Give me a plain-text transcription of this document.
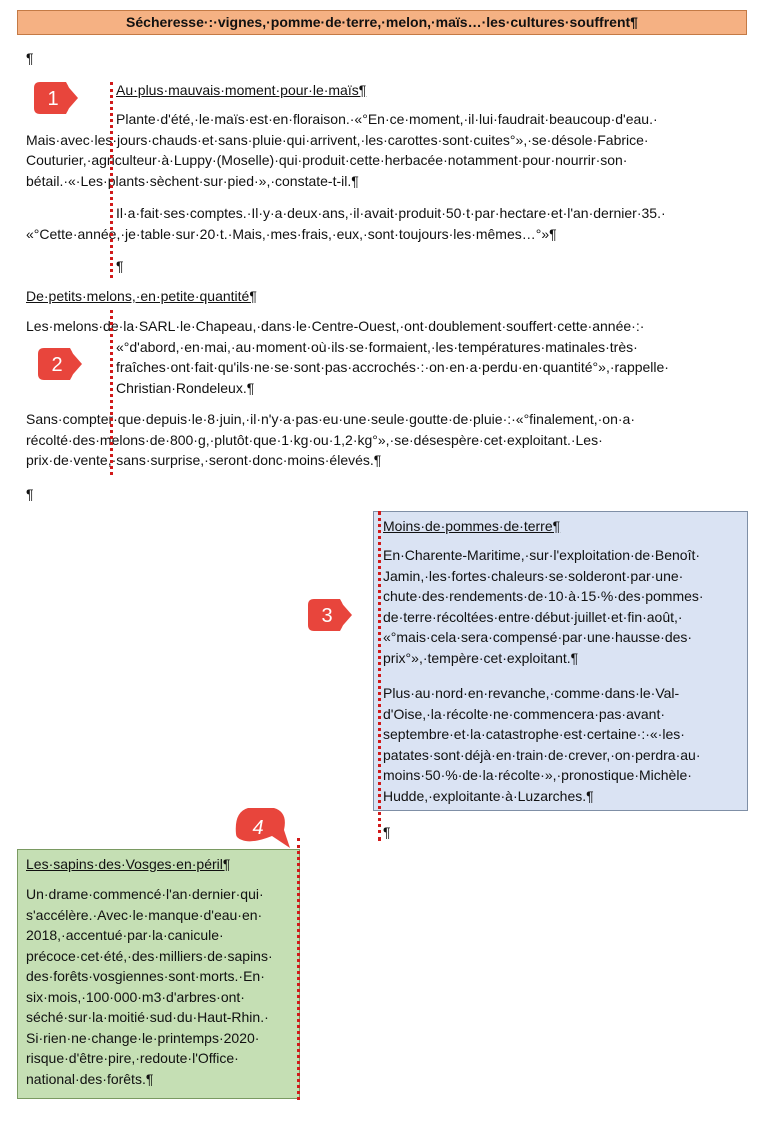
Sécheresse·:·vignes,·pomme·de·terre,·melon,·maïs…·les·cultures·souffrent¶
¶
Au·plus·mauvais·moment·pour·le·maïs¶
Plante·d'été,·le·maïs·est·en·floraison.·«°En·ce·moment,·il·lui·faudrait·beaucoup·d'eau.·
Mais·avec·les·jours·chauds·et·sans·pluie·qui·arrivent,·les·carottes·sont·cuites°»,·se·désole·Fabrice·
Couturier,·agriculteur·à·Luppy·(Moselle)·qui·produit·cette·herbacée·notamment·pour·nourrir·son·
bétail.·«·Les·plants·sèchent·sur·pied·»,·constate-t-il.¶
Il·a·fait·ses·comptes.·Il·y·a·deux·ans,·il·avait·produit·50·t·par·hectare·et·l'an·dernier·35.·
«°Cette·année,·je·table·sur·20·t.·Mais,·mes·frais,·eux,·sont·toujours·les·mêmes…°»¶
¶
De·petits·melons,·en·petite·quantité¶
Les·melons·de·la·SARL·le·Chapeau,·dans·le·Centre-Ouest,·ont·doublement·souffert·cette·année·:·
«°d'abord,·en·mai,·au·moment·où·ils·se·formaient,·les·températures·matinales·très·
fraîches·ont·fait·qu'ils·ne·se·sont·pas·accrochés·:·on·en·a·perdu·en·quantité°»,·rappelle·
Christian·Rondeleux.¶
Sans·compter·que·depuis·le·8·juin,·il·n'y·a·pas·eu·une·seule·goutte·de·pluie·:·«°finalement,·on·a·
récolté·des·melons·de·800·g,·plutôt·que·1·kg·ou·1,2·kg°»,·se·désespère·cet·exploitant.·Les·
prix·de·vente,·sans·surprise,·seront·donc·moins·élevés.¶
¶
Moins·de·pommes·de·terre¶
En·Charente-Maritime,·sur·l'exploitation·de·Benoît·
Jamin,·les·fortes·chaleurs·se·solderont·par·une·
chute·des·rendements·de·10·à·15·%·des·pommes·
de·terre·récoltées·entre·début·juillet·et·fin·août,·
«°mais·cela·sera·compensé·par·une·hausse·des·
prix°»,·tempère·cet·exploitant.¶
Plus·au·nord·en·revanche,·comme·dans·le·Val-
d'Oise,·la·récolte·ne·commencera·pas·avant·
septembre·et·la·catastrophe·est·certaine·:·«·les·
patates·sont·déjà·en·train·de·crever,·on·perdra·au·
moins·50·%·de·la·récolte·»,·pronostique·Michèle·
Hudde,·exploitante·à·Luzarches.¶
¶
Les·sapins·des·Vosges·en·péril¶
Un·drame·commencé·l'an·dernier·qui·
s'accélère.·Avec·le·manque·d'eau·en·
2018,·accentué·par·la·canicule·
précoce·cet·été,·des·milliers·de·sapins·
des·forêts·vosgiennes·sont·morts.·En·
six·mois,·100·000·m3·d'arbres·ont·
séché·sur·la·moitié·sud·du·Haut-Rhin.·
Si·rien·ne·change·le·printemps·2020·
risque·d'être·pire,·redoute·l'Office·
national·des·forêts.¶
1
2
3
4
